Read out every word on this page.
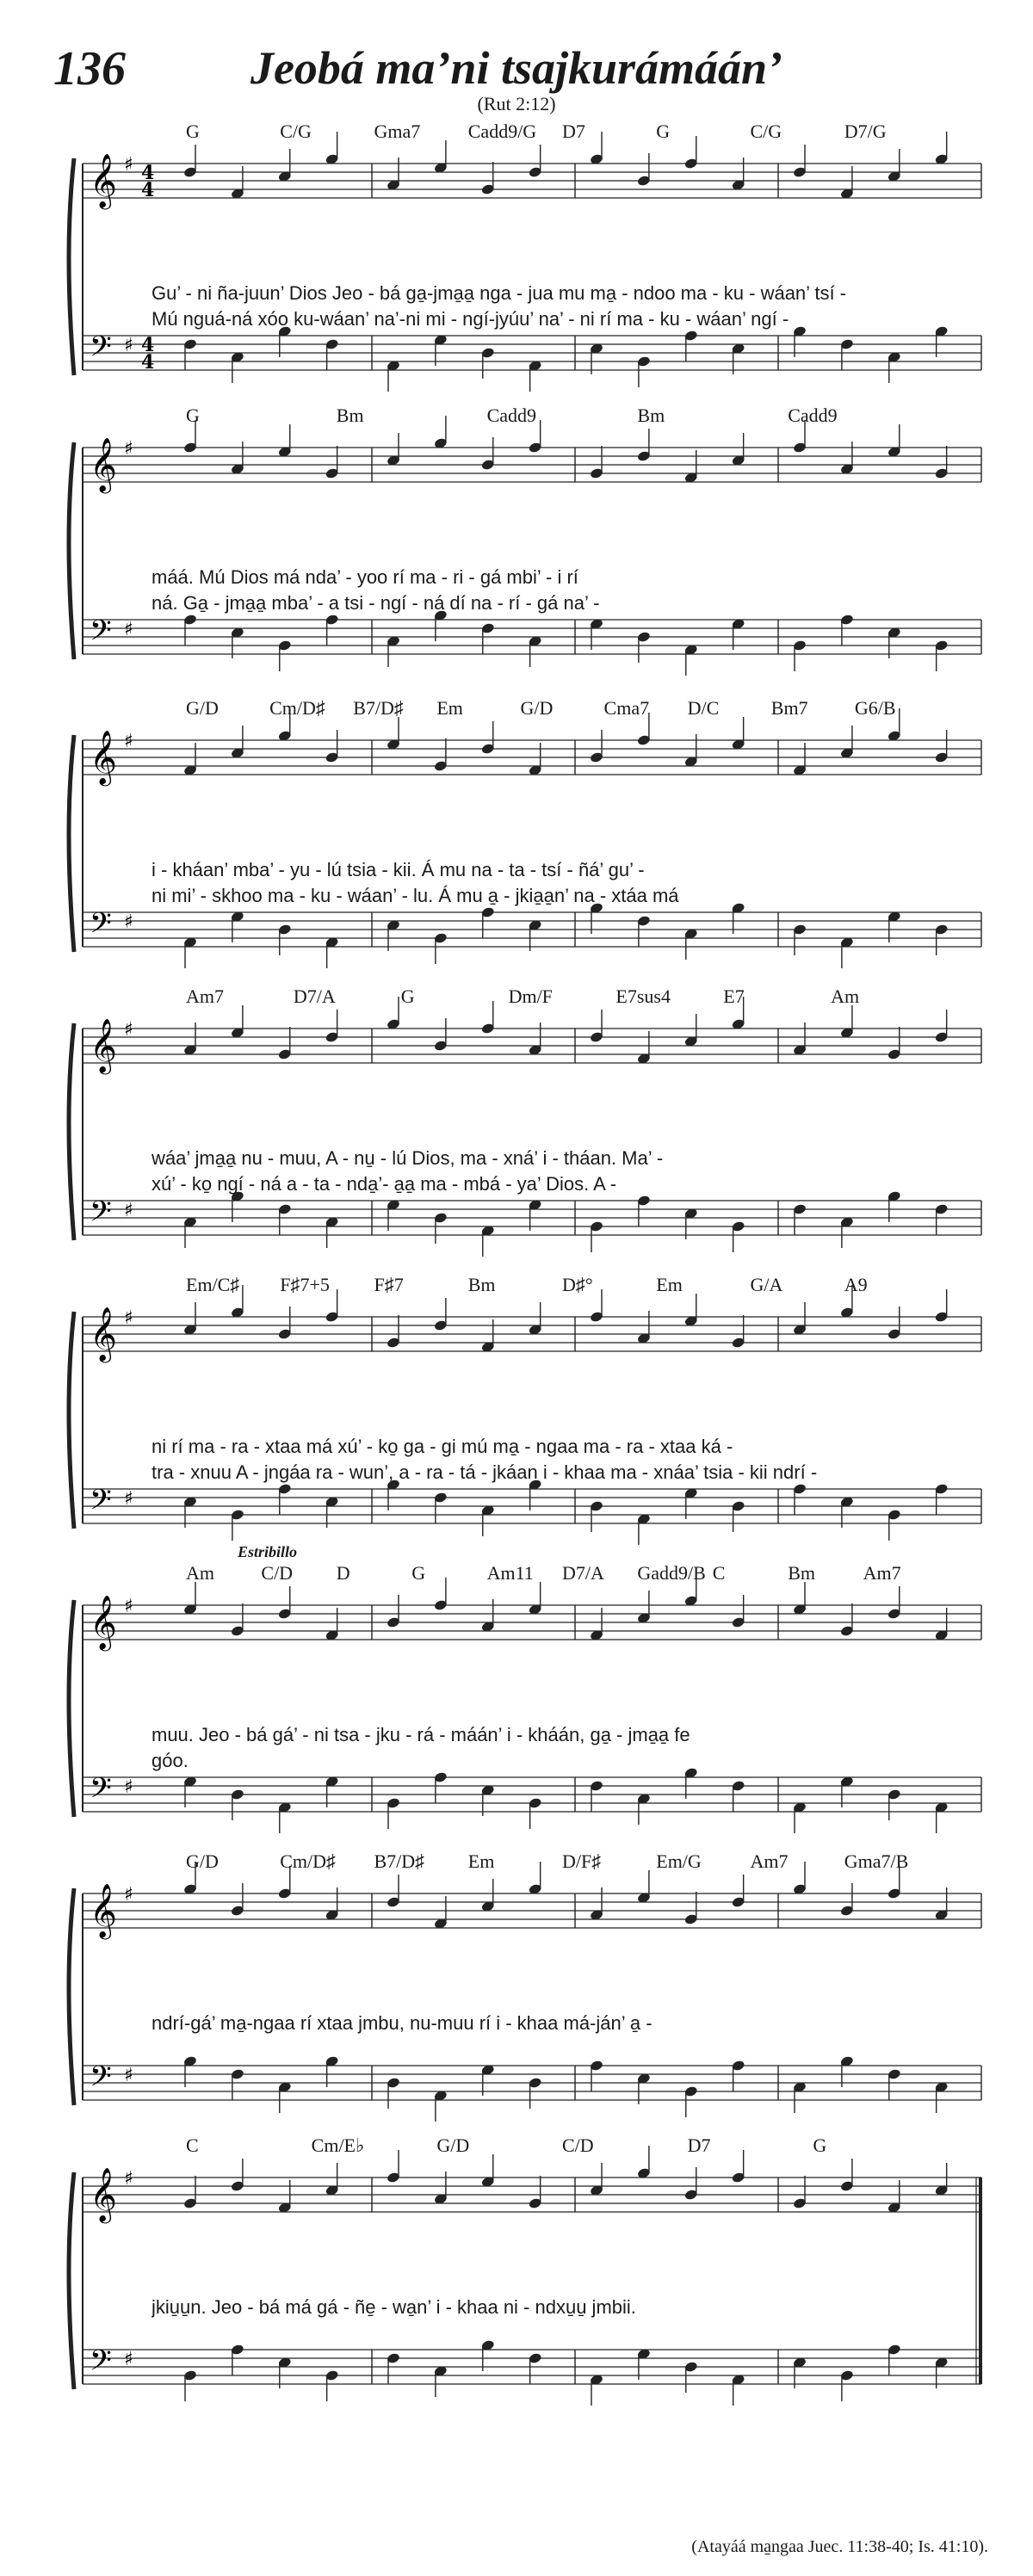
136	Jeobá ma’ni tsajkurámáán’
(Rut 2:12)
𝄞
𝄢
♯
♯
4
4
4
4
G	C/G	Gma7	Cadd9/G D7	G	C/G	D7/G
Gu’ - ni ña-juun’ Dios Jeo - bá ga̱-jma̱a̱ nga - jua mu ma̱ - ndoo ma - ku - wáan’ tsí -
Mú nguá-ná xóo ku-wáan’ na’-ni mi - ngí-jyúu’ na’ - ni rí ma - ku - wáan’ ngí -
𝄞
𝄢
♯
♯
G	Bm	Cadd9	Bm	Cadd9
máá. Mú Dios má nda’ - yoo rí ma - ri - gá mbi’ - i rí
ná. Ga̱ - jma̱a̱ mba’ - a tsi - ngí - ná dí na - rí - gá na’ -
𝄞
𝄢
♯
♯
G/D	Cm/D♯ B7/D♯ Em	G/D	Cma7 D/C	Bm7 G6/B
i - kháan’ mba’ - yu - lú tsia - kii. Á mu na - ta - tsí - ñá’ gu’ -
ni mi’ - skhoo ma - ku - wáan’ - lu. Á mu a̱ - jkia̱a̱n’ na - xtáa má
𝄞
𝄢
♯
♯
Am7	D7/A	G	Dm/F	E7sus4	E7	Am
wáa’ jma̱a̱ nu - muu, A - nu̱ - lú Dios, ma - xná’ i - tháan. Ma’ -
xú’ - ko̱ ngí - ná a - ta - nda̱’- a̱a̱ ma - mbá - ya’ Dios. A -
𝄞
𝄢
♯
♯
Em/C♯ F♯7+5 F♯7	Bm	D♯°	Em	G/A	A9
ni rí ma - ra - xtaa má xú’ - ko̱ ga - gi mú ma̱ - ngaa ma - ra - xtaa ká -
tra - xnuu A - jngáa ra - wun’, a - ra - tá - jkáan i - khaa ma - xnáa’ tsia - kii ndrí -
𝄞
𝄢
♯
♯
Am C/D D	G	Am11 D7/A Gadd9/B C	Bm	Am7
Estribillo
muu. Jeo - bá gá’ - ni tsa - jku - rá - máán’ i - kháán, ga̱ - jma̱a̱ fe
góo.
𝄞
𝄢
♯
♯
G/D	Cm/D♯ B7/D♯ Em	D/F♯	Em/G	Am7	Gma7/B
ndrí-gá’ ma̱-ngaa rí xtaa jmbu, nu-muu rí i - khaa má-ján’ a̱ -
𝄞
𝄢
♯
♯
C	Cm/E♭	G/D	C/D	D7	G
jkiu̱u̱n. Jeo - bá má gá - ñe̱ - wa̱n’ i - khaa ni - ndxu̱u̱ jmbii.
(Atayáá ma̱ngaa Juec. 11:38-40; Is. 41:10).
